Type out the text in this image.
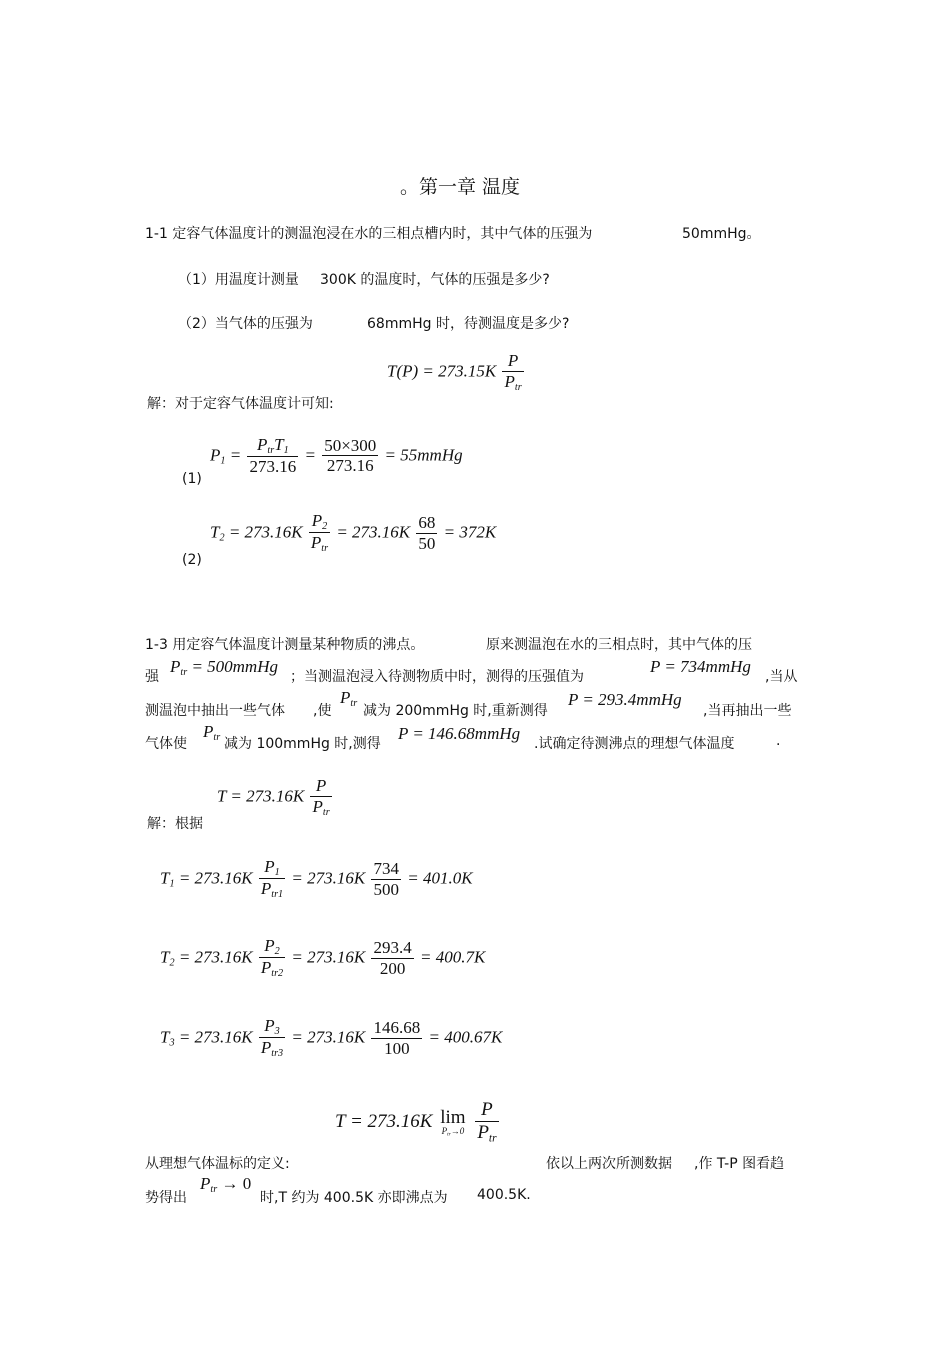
。第一章 温度
1-1 定容气体温度计的测温泡浸在水的三相点槽内时，其中气体的压强为	50mmHg。
（1）用温度计测量 300K 的温度时，气体的压强是多少?
（2）当气体的压强为	68mmHg 时，待测温度是多少?
T(P) = 273.15K
P
$P_{tr}$
解：对于定容气体温度计可知:
$P_1$ =
$P_{tr}T_1$
273.16
= $\frac{50\times 300}{273.16}$ = 55mmHg
(1)
$T_2 = 273.16K$
$P_2$
$P_{tr}$
= $273.16K \frac{68}{50} = 372K$
(2)
1-3 用定容气体温度计测量某种物质的沸点。	原来测温泡在水的三相点时，其中气体的压
强
$P_{tr}$ = 500mmHg
；当测温泡浸入待测物质中时，测得的压强值为
P = 734mmHg
,当从
测温泡中抽出一些气体 ,使
$P_{tr}$ 减为 200mmHg 时,重新测得
P = 293.4mmHg
,当再抽出一些
气体使
$P_{tr}$ 减为 100mmHg 时,测得
P = 146.68mmHg
.试确定待测沸点的理想气体温度	.
T = 273.16K
P
$P_{tr}$
解：根据
$T_1 = 273.16K$
$P_1$
$P_{tr1}$
= $273.16K \frac{734}{500} = 401.0K$
$T_2 = 273.16K$
$P_2$
$P_{tr2}$
= $273.16K \frac{293.4}{200} = 400.7K$
$T_3 = 273.16K$
$P_3$
$P_{tr3}$
= $273.16K \frac{146.68}{100} = 400.67K$
T = 273.16K lim
$P_{tr}\to 0$

P
$P_{tr}$
从理想气体温标的定义:	依以上两次所测数据 ,作 T-P 图看趋
势得出
$P_{tr} \to 0$
时,T 约为 400.5K 亦即沸点为 400.5K.
